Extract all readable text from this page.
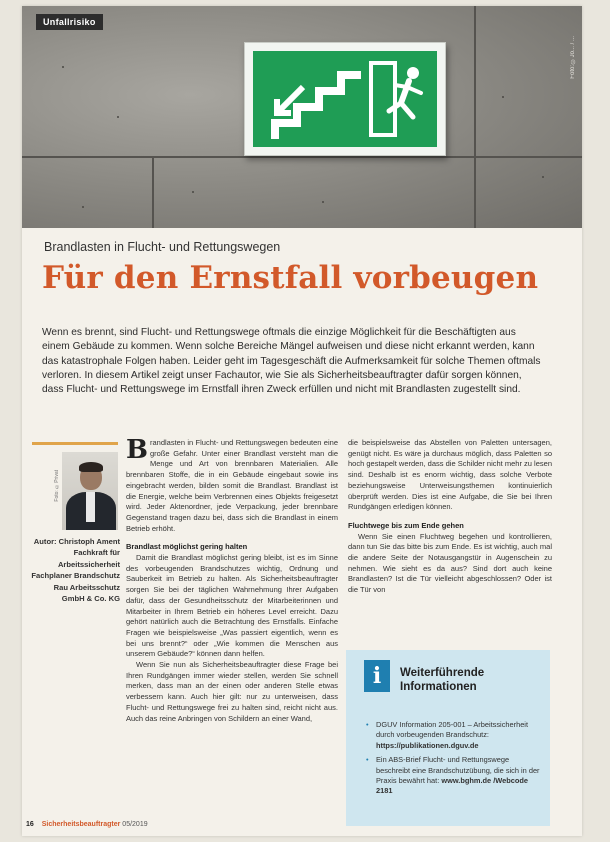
Unfallrisiko
Foto: ©Jo... / ...
Brandlasten in Flucht- und Rettungswegen
Für den Ernstfall vorbeugen
Wenn es brennt, sind Flucht- und Rettungswege oftmals die einzige Möglichkeit für die Beschäftigten aus einem Gebäude zu kommen. Wenn solche Bereiche Mängel aufweisen und diese nicht erkannt werden, kann das katastrophale Folgen haben. Leider geht im Tagesgeschäft die Aufmerksamkeit für solche Themen oftmals verloren. In diesem Artikel zeigt unser Fachautor, wie Sie als Sicherheitsbeauftragter dafür sorgen können, dass Flucht- und Rettungswege im Ernstfall ihren Zweck erfüllen und nicht mit Brandlasten zugestellt sind.
Foto: ©Privat
Autor: Christoph Ament
Fachkraft für
Arbeitssicherheit
Fachplaner Brandschutz
Rau Arbeitsschutz
GmbH & Co. KG

Brandlasten in Flucht- und Rettungswegen bedeuten eine große Gefahr. Unter einer Brandlast versteht man die Menge und Art von brennbaren Materialien. Alle brennbaren Stoffe, die in ein Gebäude eingebaut sowie ins eingebracht werden, bilden somit die Brandlast. Brandlast ist die Energie, welche beim Verbrennen eines Objekts freigesetzt wird. Jeder Aktenordner, jede Verpackung, jeder brennbare Gegenstand tragen dazu bei, dass sich die Brandlast in einem Betrieb erhöht.

Brandlast möglichst gering halten

Damit die Brandlast möglichst gering bleibt, ist es im Sinne des vorbeugenden Brandschutzes wichtig, Ordnung und Sauberkeit im Betrieb zu halten. Als Sicherheitsbeauftragter sorgen Sie bei der täglichen Wahrnehmung Ihrer Aufgaben dafür, dass der Gesundheitsschutz der Mitarbeiterinnen und Mitarbeiter in Ihrem Betrieb ein höheres Level erreicht. Dazu gehört natürlich auch die Betrachtung des Ernstfalls. Einfache Fragen wie beispielsweise „Was passiert eigentlich, wenn es bei uns brennt?“ oder „Wie kommen die Menschen aus unserem Gebäude?“ können dann helfen.

Wenn Sie nun als Sicherheitsbeauftragter diese Frage bei Ihren Rundgängen immer wieder stellen, werden Sie schnell merken, dass man an der einen oder anderen Stelle etwas verbessern kann. Auch hier gilt: nur zu unterweisen, dass Flucht- und Rettungswege frei zu halten sind, reicht nicht aus. Auch das reine Anbringen von Schildern an einer Wand,

die beispielsweise das Abstellen von Paletten untersagen, genügt nicht. Es wäre ja durchaus möglich, dass Paletten so hoch gestapelt werden, dass die Schilder nicht mehr zu lesen sind. Deshalb ist es enorm wichtig, dass solche Verbote beziehungsweise Unterweisungsthemen kontinuierlich überprüft werden. Dies ist eine Aufgabe, die Sie bei Ihren Rundgängen erledigen können.

Fluchtwege bis zum Ende gehen

Wenn Sie einen Fluchtweg begehen und kontrollieren, dann tun Sie das bitte bis zum Ende. Es ist wichtig, auch mal die andere Seite der Notausgangstür in Augenschein zu nehmen. Wie sieht es da aus? Sind dort auch keine Brandlasten? Ist die Tür vielleicht abgeschlossen? Oder ist die Tür von

i	Weiterführende Informationen
• DGUV Information 205-001 – Arbeitssicherheit durch vorbeugenden Brandschutz: https://publikationen.dguv.de
• Ein ABS-Brief Flucht- und Rettungswege beschreibt eine Brandschutzübung, die sich in der Praxis bewährt hat: www.bghm.de /Webcode 2181
16 Sicherheitsbeauftragter 05/2019
